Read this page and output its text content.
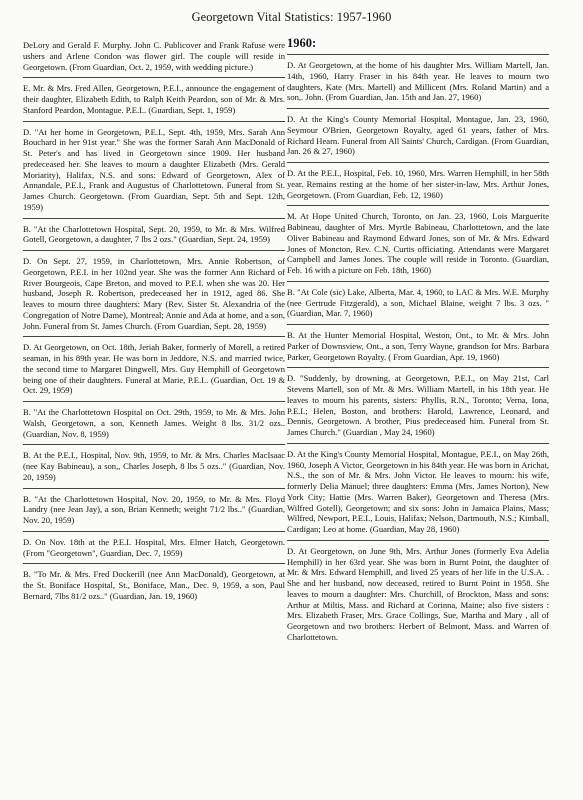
Georgetown Vital Statistics: 1957-1960
DeLory and Gerald F. Murphy. John C. Publicover and Frank Rafuse were ushers and Arlene Condon was flower girl. The couple will reside in Georgetown. (From Guardian, Oct. 2, 1959, with wedding picture.)
E. Mr. & Mrs. Fred Allen, Georgetown, P.E.I., announce the engagement of their daughter, Elizabeth Edith, to Ralph Keith Peardon, son of Mr. & Mrs. Stanford Peardon, Montague. P.E.I.. (Guardian, Sept. 1, 1959)
D. "At her home in Georgetown, P.E.I., Sept. 4th, 1959, Mrs. Sarah Ann Bouchard in her 91st year." She was the former Sarah Ann MacDonald of St. Peter's and has lived in Georgetown since 1909. Her husband predeceased her. She leaves to mourn a daughter Elizabeth (Mrs. Gerald Moriarity), Halifax, N.S. and sons: Edward of Georgetown, Alex of Annandale, P.E.I., Frank and Augustus of Charlottetown. Funeral from St. James Church. Georgetown. (From Guardian, Sept. 5th and Sept. 12th, 1959)
B. "At the Charlottetown Hospital, Sept. 20, 1959, to Mr. & Mrs. Wilfred Gotell, Georgetown, a daughter, 7 lbs 2 ozs." (Guardian, Sept. 24, 1959)
D. On Sept. 27, 1959, in Charlottetown, Mrs. Annie Robertson, of Georgetown, P.E.I. in her 102nd year. She was the former Ann Richard of River Bourgeois, Cape Breton, and moved to P.E.I. when she was 20. Her husband, Joseph R. Robertson, predeceased her in 1912, aged 86. She leaves to mourn three daughters: Mary (Rev. Sister St. Alexandria of the Congregation of Notre Dame), Montreal; Annie and Ada at home, and a son, John. Funeral from St. James Church. (From Guardian, Sept. 28, 1959)
D. At Georgetown, on Oct. 18th, Jeriah Baker, formerly of Morell, a retired seaman, in his 89th year. He was born in Jeddore, N.S. and married twice, the second time to Margaret Dingwell, Mrs. Guy Hemphill of Georgetown being one of their daughters. Funeral at Marie, P.E.I.. (Guardian, Oct. 19 & Oct. 29, 1959)
B. "At the Charlottetown Hospital on Oct. 29th, 1959, to Mr. & Mrs. John Walsh, Georgetown, a son, Kenneth James. Weight 8 lbs. 31/2 ozs.. (Guardian, Nov. 8, 1959)
B. At the P.E.I., Hospital, Nov. 9th, 1959, to Mr. & Mrs. Charles MacIsaac (nee Kay Babineau), a son,, Charles Joseph, 8 lbs 5 ozs.." (Guardian, Nov. 20, 1959)
B. "At the Charlottetown Hospital, Nov. 20, 1959, to Mr. & Mrs. Floyd Landry (nee Jean Jay), a son, Brian Kenneth; weight 71/2 lbs.." (Guardian, Nov. 20, 1959)
D. On Nov. 18th at the P.E.I. Hospital, Mrs. Elmer Hatch, Georgetown. (From "Georgetown", Guardian, Dec. 7, 1959)
B. "To Mr. & Mrs. Fred Dockerill (nee Ann MacDonald), Georgetown, at the St. Boniface Hospital, St., Boniface, Man., Dec. 9, 1959, a son, Paul Bernard, 7lbs 81/2 ozs.." (Guardian, Jan. 19, 1960)
1960:
D. At Georgetown, at the home of his daughter Mrs. William Martell, Jan. 14th, 1960, Harry Fraser in his 84th year. He leaves to mourn two daughters, Kate (Mrs. Martell) and Millicent (Mrs. Roland Martin) and a son,. John. (From Guardian, Jan. 15th and Jan. 27, 1960)
D. At the King's County Memorial Hospital, Montague, Jan. 23, 1960, Seymour O'Brien, Georgetown Royalty, aged 61 years, father of Mrs. Richard Hearn. Funeral from All Saints' Church, Cardigan. (From Guardian, Jan. 26 & 27, 1960)
D. At the P.E.I., Hospital, Feb. 10, 1960, Mrs. Warren Hemphill, in her 58th year. Remains resting at the home of her sister-in-law, Mrs. Arthur Jones, Georgetown. (From Guardian, Feb. 12, 1960)
M. At Hope United Church, Toronto, on Jan. 23, 1960, Lois Marguerite Babineau, daughter of Mrs. Myrtle Babineau, Charlottetown, and the late Oliver Babineau and Raymond Edward Jones, son of Mr. & Mrs. Edward Jones of Moncton, Rev. C.N. Curtis officiating. Attendants were Margaret Campbell and James Jones. The couple will reside in Toronto. (Guardian, Feb. 16 with a picture on Feb. 18th, 1960)
B. "At Cole (sic) Lake, Alberta, Mar. 4, 1960, to LAC & Mrs. W.E. Murphy (nee Gertrude Fitzgerald), a son, Michael Blaine, weight 7 lbs. 3 ozs. " (Guardian, Mar. 7, 1960)
B. At the Hunter Memorial Hospital, Weston, Ont., to Mr. & Mrs. John Parker of Downsview, Ont., a son, Terry Wayne, grandson for Mrs. Barbara Parker, Georgetown Royalty. ( From Guardian, Apr. 19, 1960)
D. "Suddenly, by drowning, at Georgetown, P.E.I., on May 21st, Carl Stevens Martell, son of Mr. & Mrs. William Martell, in his 18th year. He leaves to mourn his parents, sisters: Phyllis, R.N., Toronto; Verna, Iona, P.E.I.; Helen, Boston, and brothers: Harold, Lawrence, Leonard, and Dennis, Georgetown. A brother, Pius predeceased him. Funeral from St. James Church." (Guardian , May 24, 1960)
D. At the King's County Memorial Hospital, Montague, P.E.I., on May 26th, 1960, Joseph A Victor, Georgetown in his 84th year. He was born in Arichat, N.S., the son of Mr. & Mrs. John Victor. He leaves to mourn: his wife, formerly Delia Manuel; three daughters: Emma (Mrs. James Norton), New York City; Hattie (Mrs. Warren Baker), Georgetown and Theresa (Mrs. Wilfred Gotell), Georgetown; and six sons: John in Jamaica Plains, Mass; Wilfred, Newport, P.E.I., Louis, Halifax; Nelson, Dartmouth, N.S.; Kimball, Cardigan; Leo at home. (Guardian, May 28, 1960)
D. At Georgetown, on June 9th, Mrs. Arthur Jones (formerly Eva Adelia Hemphill) in her 63rd year. She was born in Burnt Point, the daughter of Mr. & Mrs. Edward Hemphill, and lived 25 years of her life in the U.S.A. . She and her husband, now deceased, retired to Burnt Point in 1958. She leaves to mourn a daughter: Mrs. Churchill, of Brockton, Mass and sons: Arthur at Miltis, Mass. and Richard at Corinna, Maine; also five sisters : Mrs. Elizabeth Fraser, Mrs. Grace Collings, Sue, Martha and Mary , all of Georgetown and two brothers: Herbert of Belmont, Mass. and Warren of Charlottetown.
